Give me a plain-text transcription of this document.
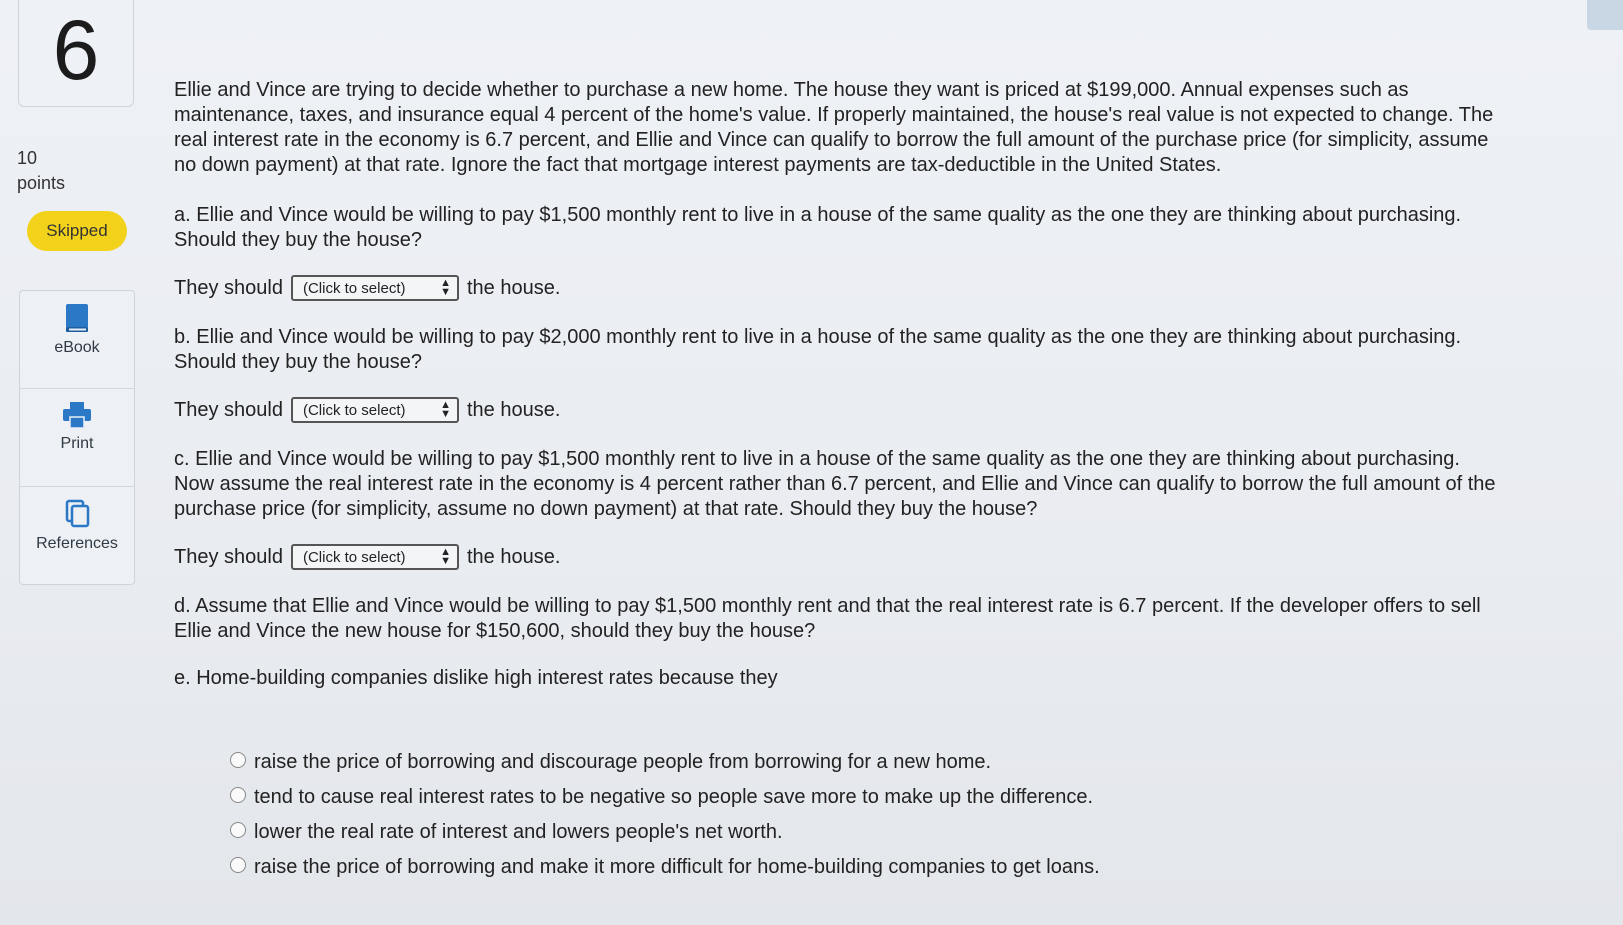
6
10
points
Skipped
eBook
Print
References

Ellie and Vince are trying to decide whether to purchase a new home. The house they want is priced at $199,000. Annual expenses such as maintenance, taxes, and insurance equal 4 percent of the home's value. If properly maintained, the house's real value is not expected to change. The real interest rate in the economy is 6.7 percent, and Ellie and Vince can qualify to borrow the full amount of the purchase price (for simplicity, assume no down payment) at that rate. Ignore the fact that mortgage interest payments are tax-deductible in the United States.

a. Ellie and Vince would be willing to pay $1,500 monthly rent to live in a house of the same quality as the one they are thinking about purchasing. Should they buy the house?

They should (Click to select)	▲
▼ the house.

b. Ellie and Vince would be willing to pay $2,000 monthly rent to live in a house of the same quality as the one they are thinking about purchasing. Should they buy the house?

They should (Click to select)	▲
▼ the house.

c. Ellie and Vince would be willing to pay $1,500 monthly rent to live in a house of the same quality as the one they are thinking about purchasing. Now assume the real interest rate in the economy is 4 percent rather than 6.7 percent, and Ellie and Vince can qualify to borrow the full amount of the purchase price (for simplicity, assume no down payment) at that rate. Should they buy the house?

They should (Click to select)	▲
▼ the house.

d. Assume that Ellie and Vince would be willing to pay $1,500 monthly rent and that the real interest rate is 6.7 percent. If the developer offers to sell Ellie and Vince the new house for $150,600, should they buy the house?

e. Home-building companies dislike high interest rates because they

raise the price of borrowing and discourage people from borrowing for a new home.
tend to cause real interest rates to be negative so people save more to make up the difference.
lower the real rate of interest and lowers people's net worth.
raise the price of borrowing and make it more difficult for home-building companies to get loans.
